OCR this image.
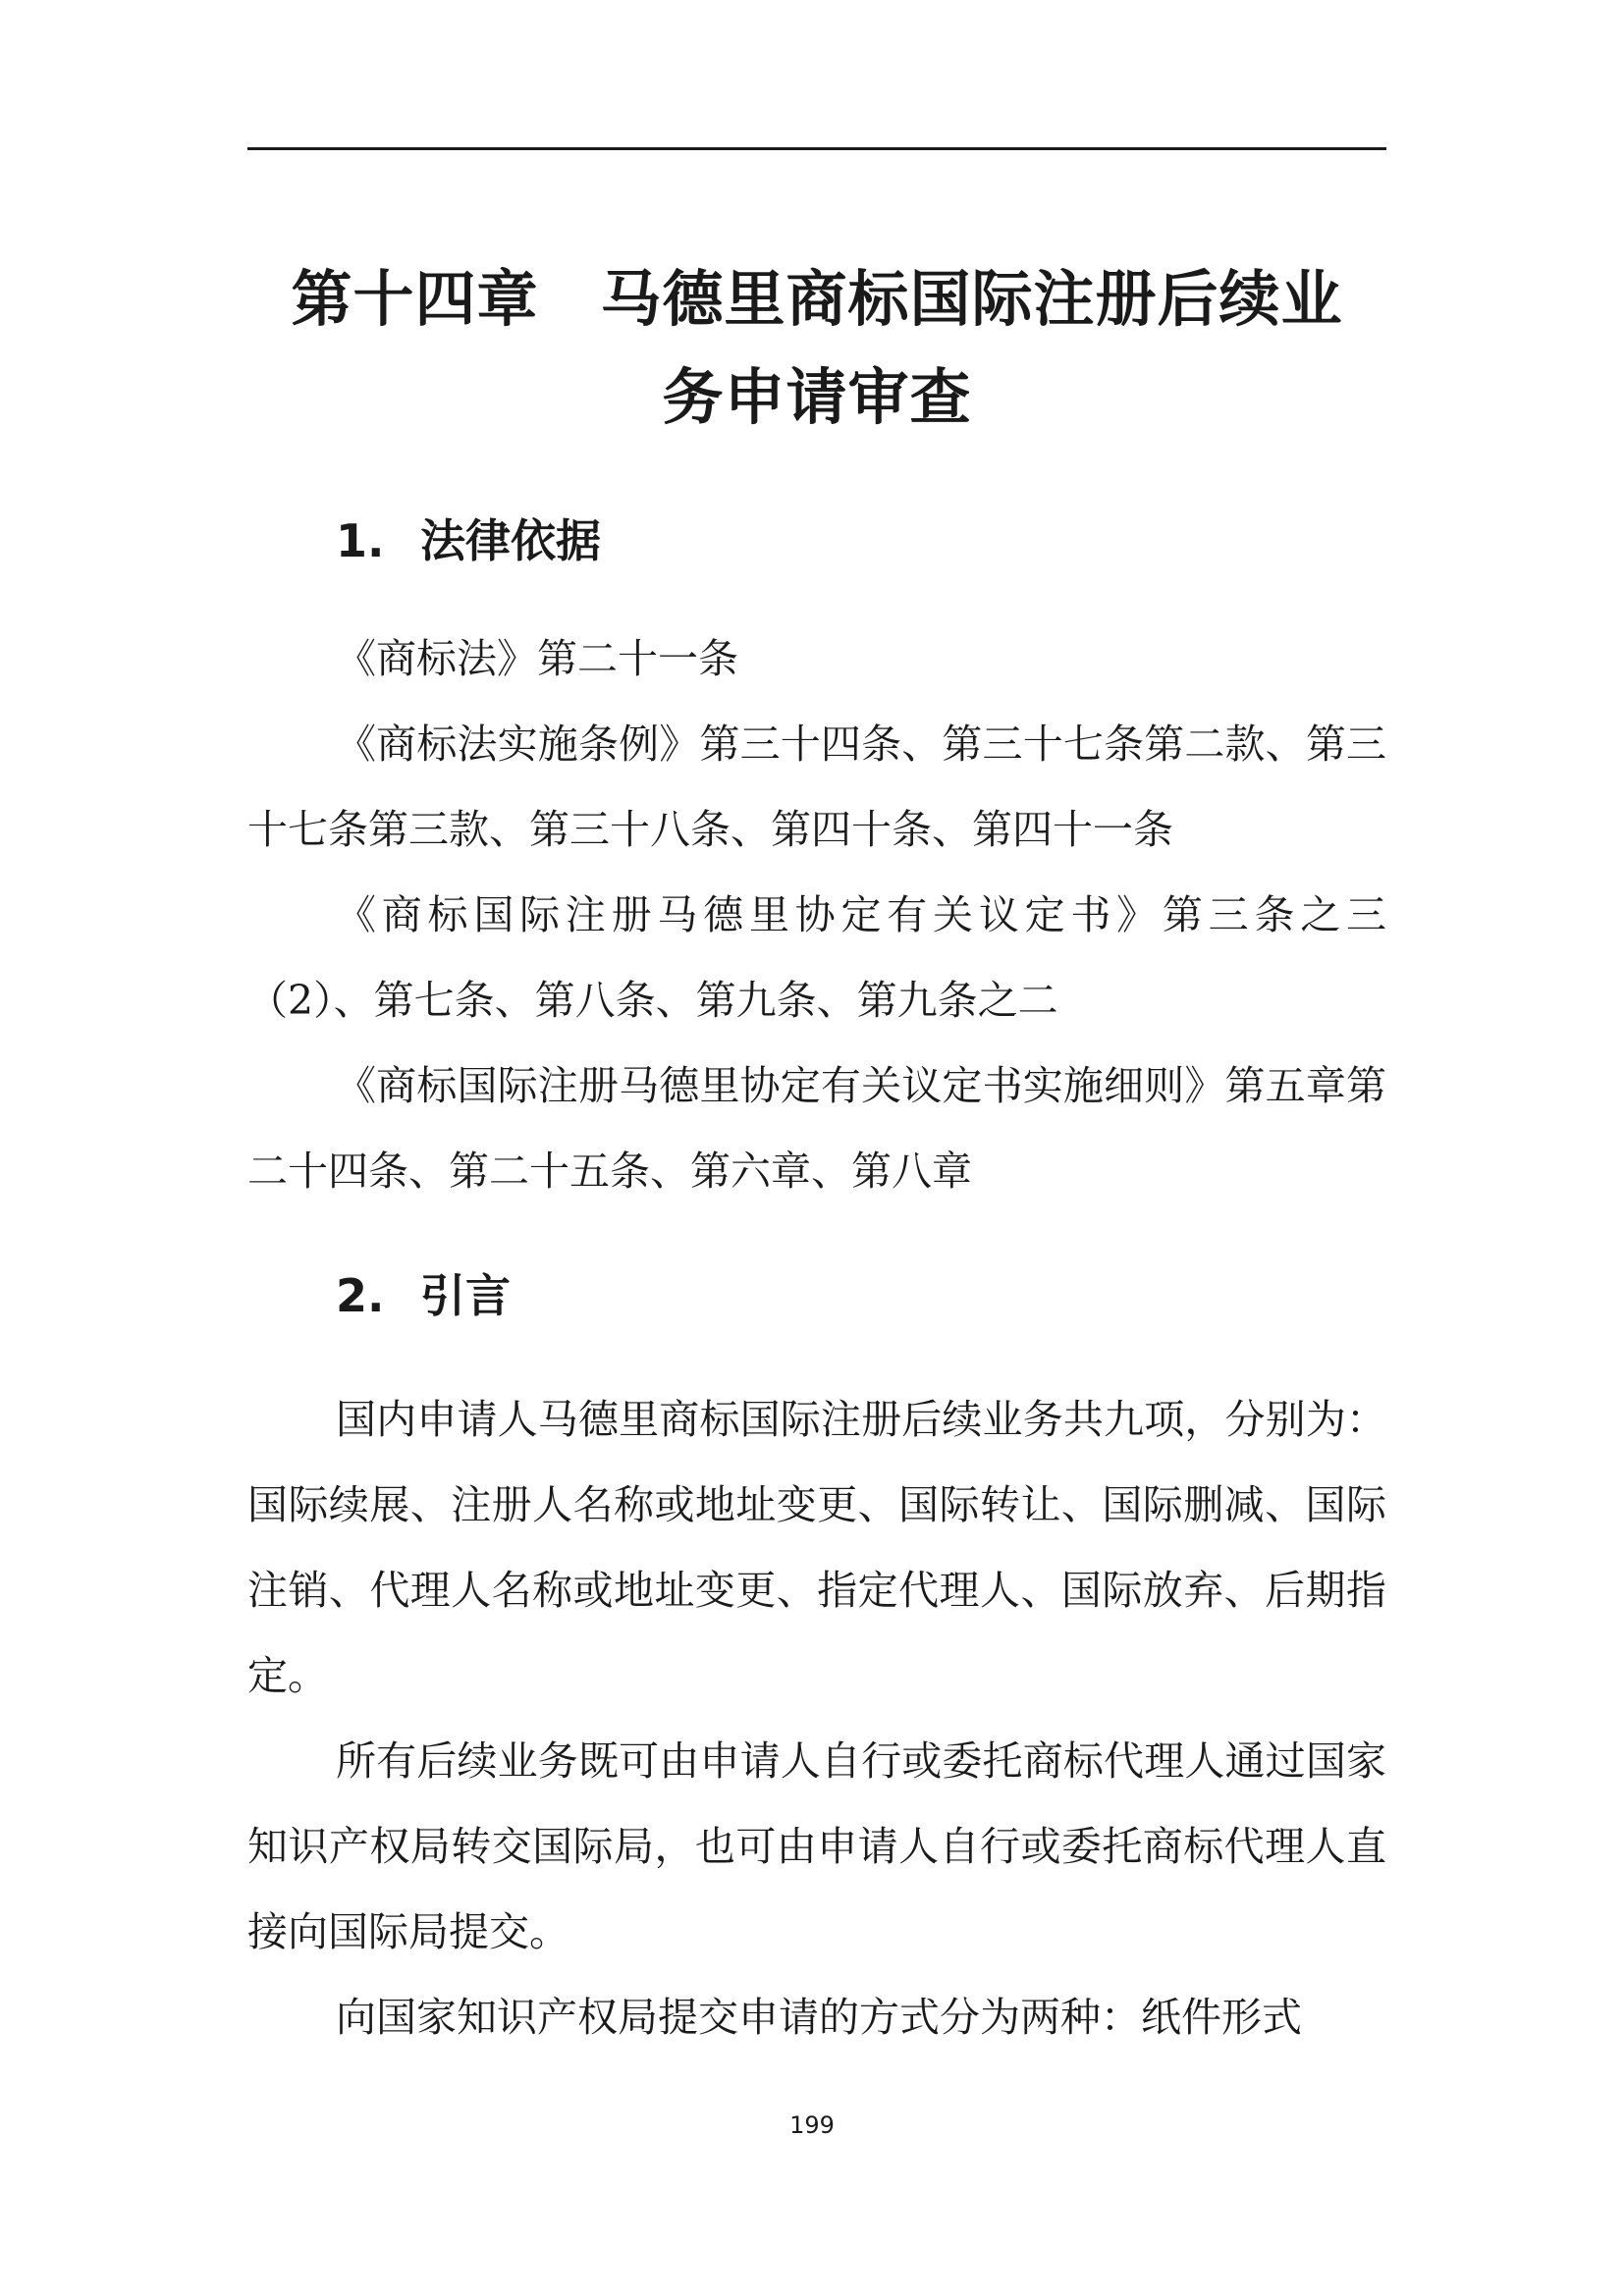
第十四章　马德里商标国际注册后续业
务申请审查
1. 法律依据

《商标法》第二十一条

《商标法实施条例》第三十四条、第三十七条第二款、第三十七条第三款、第三十八条、第四十条、第四十一条

《商标国际注册马德里协定有关议定书》第三条之三（2）、第七条、第八条、第九条、第九条之二

《商标国际注册马德里协定有关议定书实施细则》第五章第二十四条、第二十五条、第六章、第八章

2. 引言

国内申请人马德里商标国际注册后续业务共九项，分别为：国际续展、注册人名称或地址变更、国际转让、国际删减、国际注销、代理人名称或地址变更、指定代理人、国际放弃、后期指定。

所有后续业务既可由申请人自行或委托商标代理人通过国家知识产权局转交国际局，也可由申请人自行或委托商标代理人直接向国际局提交。

向国家知识产权局提交申请的方式分为两种：纸件形式

199
